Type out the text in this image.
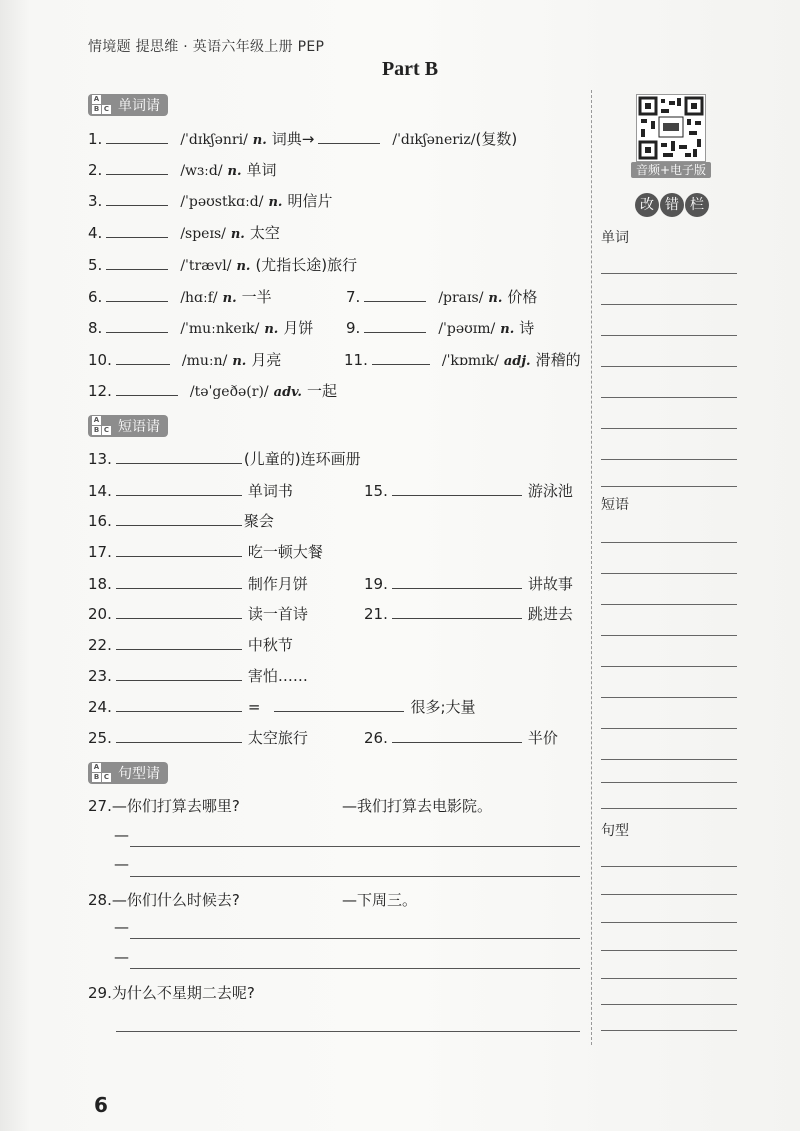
情境题 提思维 · 英语六年级上册 PEP
Part B
A
B C 单词请
1.	/ˈdɪkʃənri/ n. 词典→	/ˈdɪkʃəneriz/ (复数)
2.	/wɜːd/ n. 单词
3.	/ˈpəʊstkɑːd/ n. 明信片
4.	/speɪs/ n. 太空
5.	/ˈtrævl/ n. (尤指长途)旅行
6.	/hɑːf/ n. 一半	7.	/praɪs/ n. 价格
8.	/ˈmuːnkeɪk/ n. 月饼 9.	/ˈpəʊɪm/ n. 诗
10.	/muːn/ n. 月亮	11.	/ˈkɒmɪk/ adj. 滑稽的
12.	/təˈgeðə(r)/ adv. 一起
A
B C 短语请
13.	(儿童的)连环画册
14.	单词书	15.	游泳池
16.	聚会
17.	吃一顿大餐
18.	制作月饼	19.	讲故事
20.	读一首诗	21.	跳进去
22.	中秋节
23.	害怕……
24.	=	很多;大量
25.	太空旅行	26.	半价
A
B C 句型请
27. —你们打算去哪里?	—我们打算去电影院。
—
—
28. —你们什么时候去?	—下周三。
—
—
29. 为什么不星期二去呢?
音频+电子版
改 错 栏
单词
短语
句型
6
